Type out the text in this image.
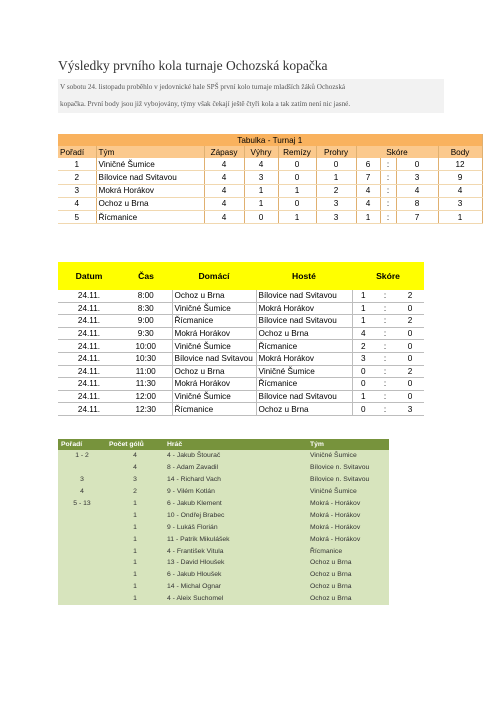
Výsledky prvního kola turnaje Ochozská kopačka
V sobotu 24. listopadu proběhlo v jedovnické hale SPŠ první kolo turnaje mladších žáků Ochozská
kopačka. První body jsou již vybojovány, týmy však čekají ještě čtyři kola a tak zatím není nic jasné.
Tabulka - Turnaj 1									
Pořadí	Tým	Zápasy	Výhry	Remízy	Prohry	Skóre			Body
1	Viničné Šumice	4	4	0	0	6	:	0	12
2	Bílovice nad Svitavou	4	3	0	1	7	:	3	9
3	Mokrá Horákov	4	1	1	2	4	:	4	4
4	Ochoz u Brna	4	1	0	3	4	:	8	3
5	Řícmanice	4	0	1	3	1	:	7	1
Datum	Čas	Domácí	Hosté	Skóre		
24.11.	8:00	Ochoz u Brna	Bílovice nad Svitavou	1	:	2
24.11.	8:30	Viničné Šumice	Mokrá Horákov	1	:	0
24.11.	9:00	Řícmanice	Bílovice nad Svitavou	1	:	2
24.11.	9:30	Mokrá Horákov	Ochoz u Brna	4	:	0
24.11.	10:00	Viničné Šumice	Řícmanice	2	:	0
24.11.	10:30	Bílovice nad Svitavou	Mokrá Horákov	3	:	0
24.11.	11:00	Ochoz u Brna	Viničné Šumice	0	:	2
24.11.	11:30	Mokrá Horákov	Řícmanice	0	:	0
24.11.	12:00	Viničné Šumice	Bílovice nad Svitavou	1	:	0
24.11.	12:30	Řícmanice	Ochoz u Brna	0	:	3
Pořadí	Počet gólů	Hráč	Tým
1 - 2	4	4 - Jakub Štourač	Viničné Šumice
	4	8 - Adam Zavadil	Bílovice n. Svitavou
3	3	14 - Richard Vach	Bílovice n. Svitavou
4	2	9 - Vilém Kotlán	Viničné Šumice
5 - 13	1	6 - Jakub Klement	Mokrá - Horákov
	1	10 - Ondřej Brabec	Mokrá - Horákov
	1	9 - Lukáš Florián	Mokrá - Horákov
	1	11 - Patrik Mikulášek	Mokrá - Horákov
	1	4 - František Vitula	Řícmanice
	1	13 - David Hloušek	Ochoz u Brna
	1	6 - Jakub Hloušek	Ochoz u Brna
	1	14 - Michal Ognar	Ochoz u Brna
	1	4 - Aleix Suchomel	Ochoz u Brna
